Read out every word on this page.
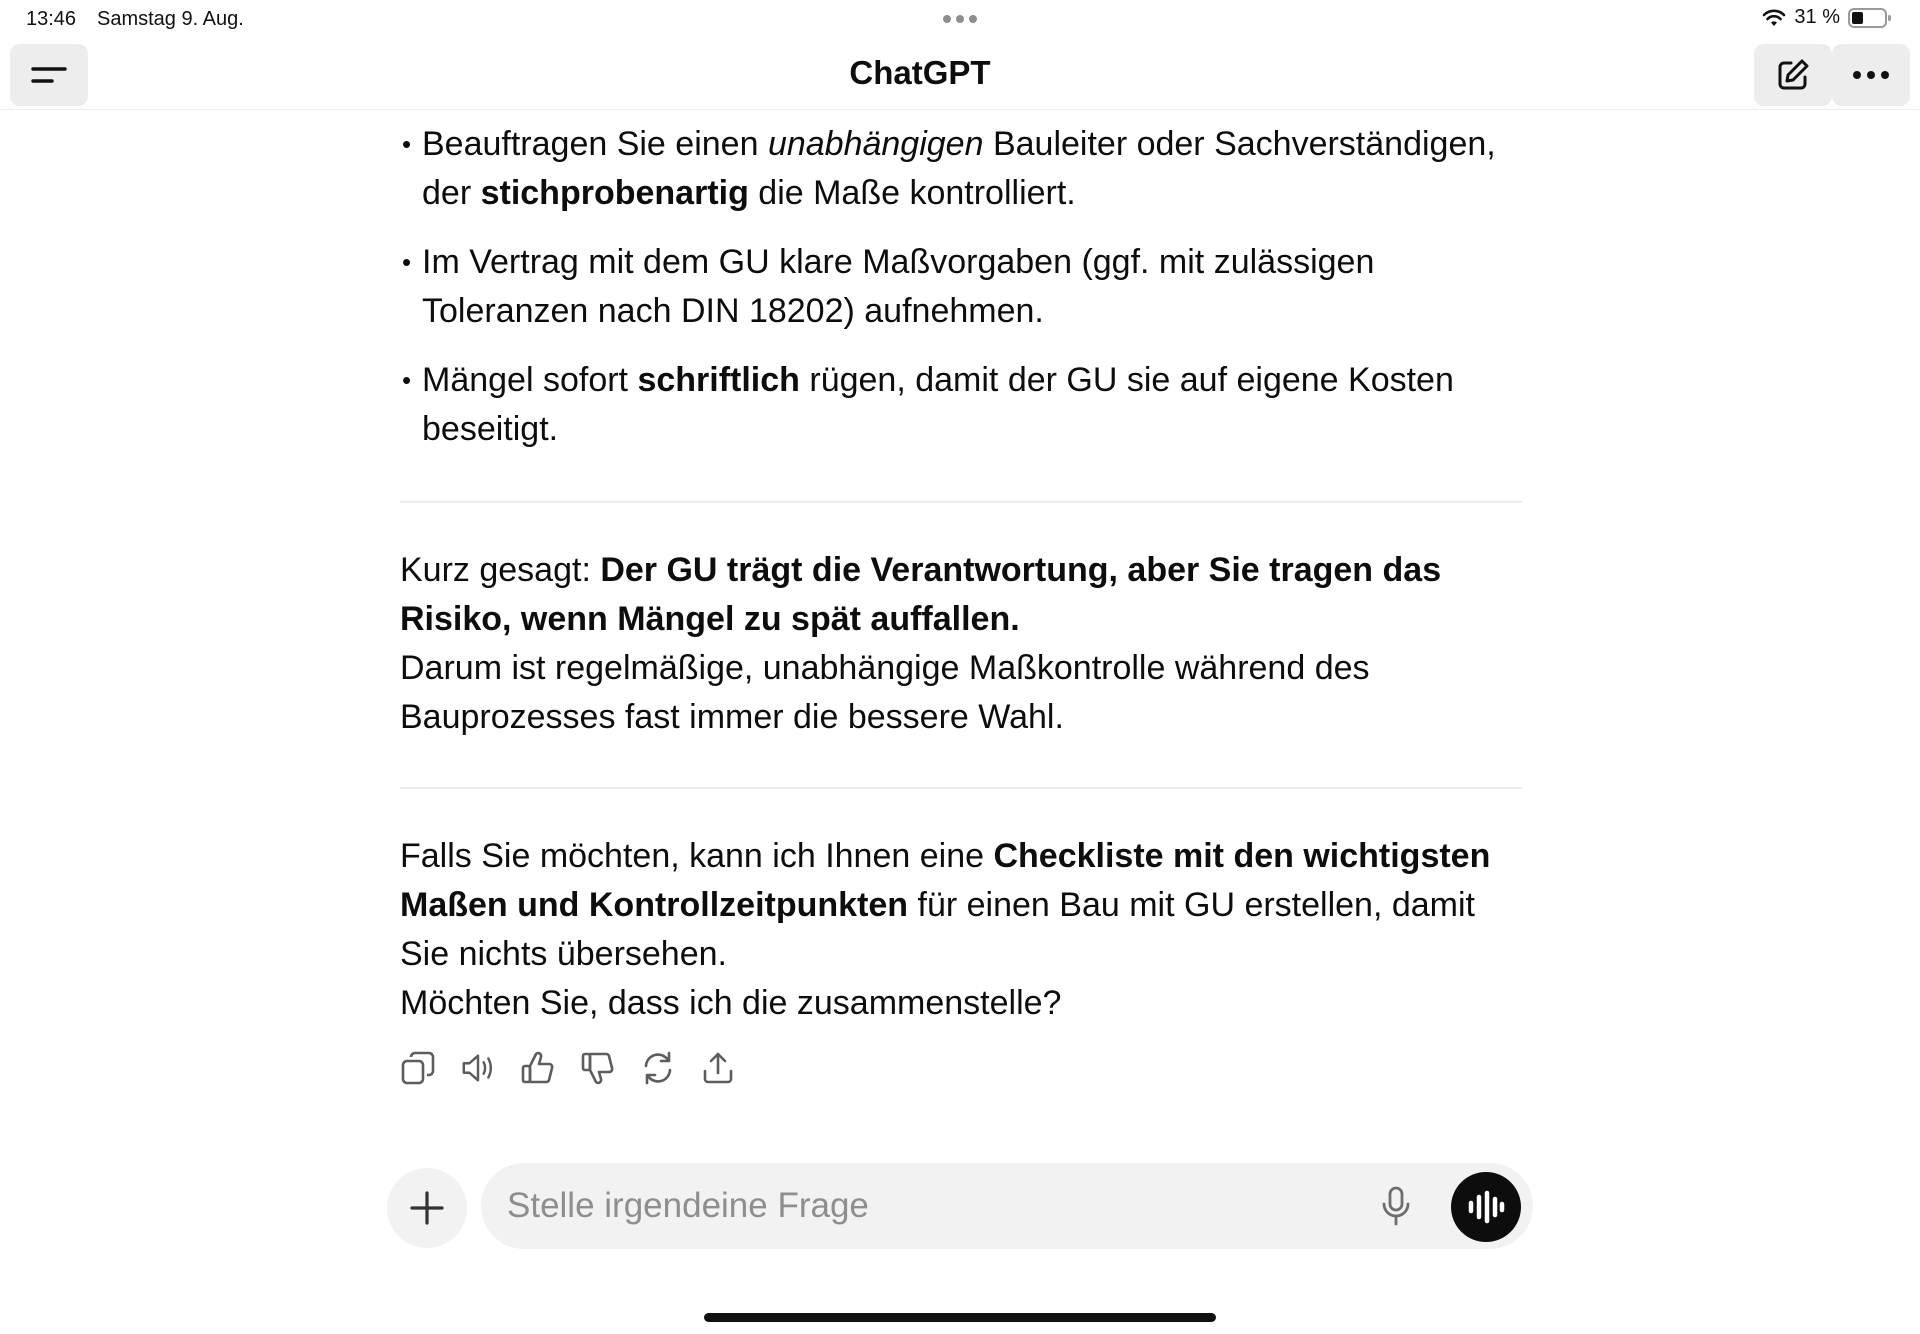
13:46 Samstag 9. Aug.	31 %
ChatGPT
• Beauftragen Sie einen unabhängigen Bauleiter oder Sachverständigen, der stichprobenartig die Maße kontrolliert.
• Im Vertrag mit dem GU klare Maßvorgaben (ggf. mit zulässigen Toleranzen nach DIN 18202) aufnehmen.
• Mängel sofort schriftlich rügen, damit der GU sie auf eigene Kosten beseitigt.
Kurz gesagt: Der GU trägt die Verantwortung, aber Sie tragen das Risiko, wenn Mängel zu spät auffallen.
Darum ist regelmäßige, unabhängige Maßkontrolle während des Bauprozesses fast immer die bessere Wahl.
Falls Sie möchten, kann ich Ihnen eine Checkliste mit den wichtigsten Maßen und Kontrollzeitpunkten für einen Bau mit GU erstellen, damit Sie nichts übersehen.
Möchten Sie, dass ich die zusammenstelle?
Stelle irgendeine Frage
